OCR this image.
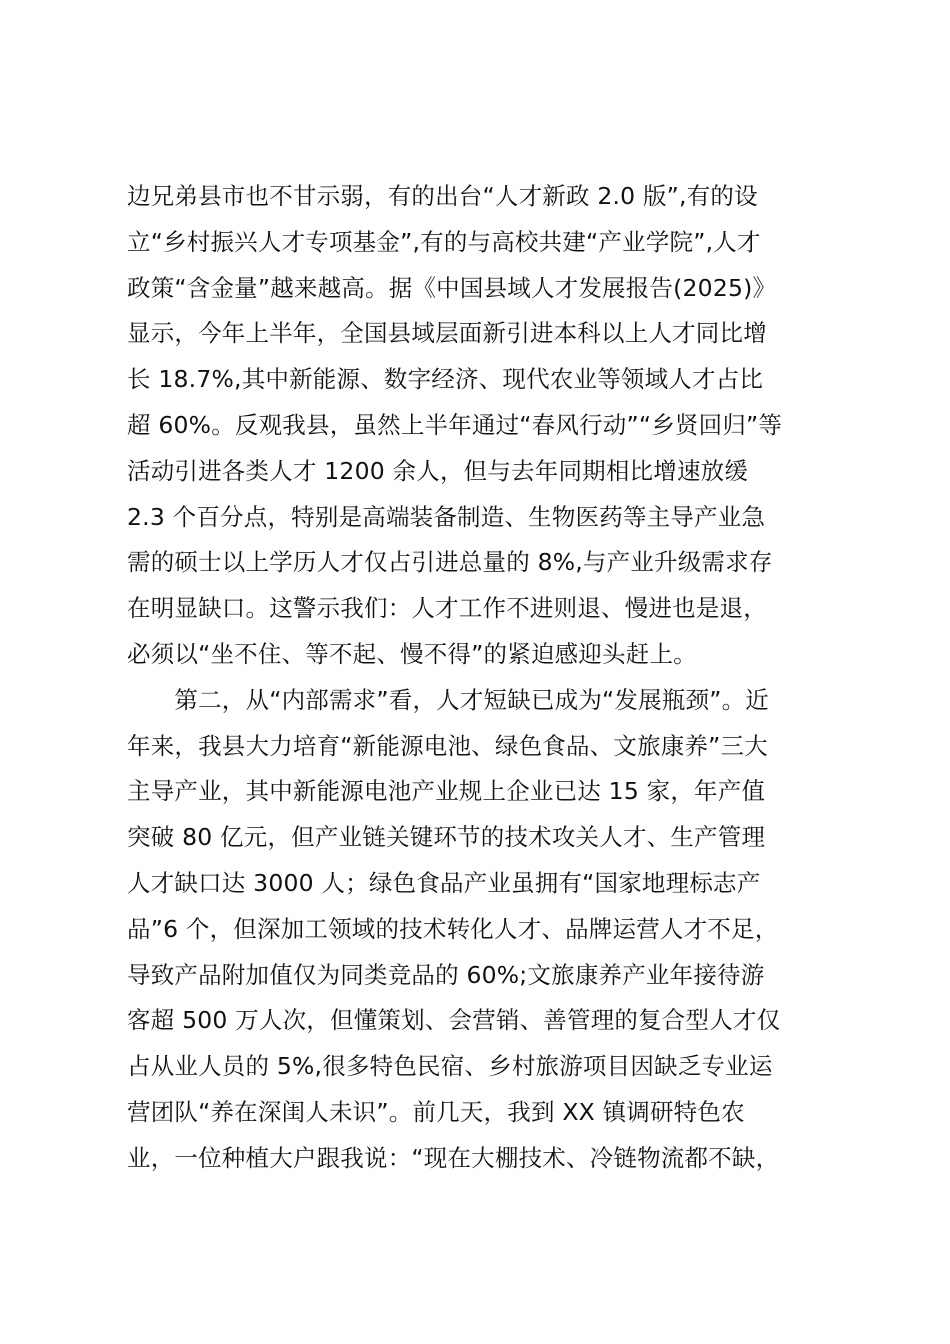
边兄弟县市也不甘示弱，有的出台“人才新政 2.0 版”,有的设
立“乡村振兴人才专项基金”,有的与高校共建“产业学院”,人才
政策“含金量”越来越高。据《中国县域人才发展报告(2025)》
显示，今年上半年，全国县域层面新引进本科以上人才同比增
长 18.7%,其中新能源、数字经济、现代农业等领域人才占比
超 60%。反观我县，虽然上半年通过“春风行动”“乡贤回归”等
活动引进各类人才 1200 余人，但与去年同期相比增速放缓
2.3 个百分点，特别是高端装备制造、生物医药等主导产业急
需的硕士以上学历人才仅占引进总量的 8%,与产业升级需求存
在明显缺口。这警示我们：人才工作不进则退、慢进也是退，
必须以“坐不住、等不起、慢不得”的紧迫感迎头赶上。
　　第二，从“内部需求”看，人才短缺已成为“发展瓶颈”。近
年来，我县大力培育“新能源电池、绿色食品、文旅康养”三大
主导产业，其中新能源电池产业规上企业已达 15 家，年产值
突破 80 亿元，但产业链关键环节的技术攻关人才、生产管理
人才缺口达 3000 人；绿色食品产业虽拥有“国家地理标志产
品”6 个，但深加工领域的技术转化人才、品牌运营人才不足，
导致产品附加值仅为同类竞品的 60%;文旅康养产业年接待游
客超 500 万人次，但懂策划、会营销、善管理的复合型人才仅
占从业人员的 5%,很多特色民宿、乡村旅游项目因缺乏专业运
营团队“养在深闺人未识”。前几天，我到 XX 镇调研特色农
业，一位种植大户跟我说：“现在大棚技术、冷链物流都不缺，
